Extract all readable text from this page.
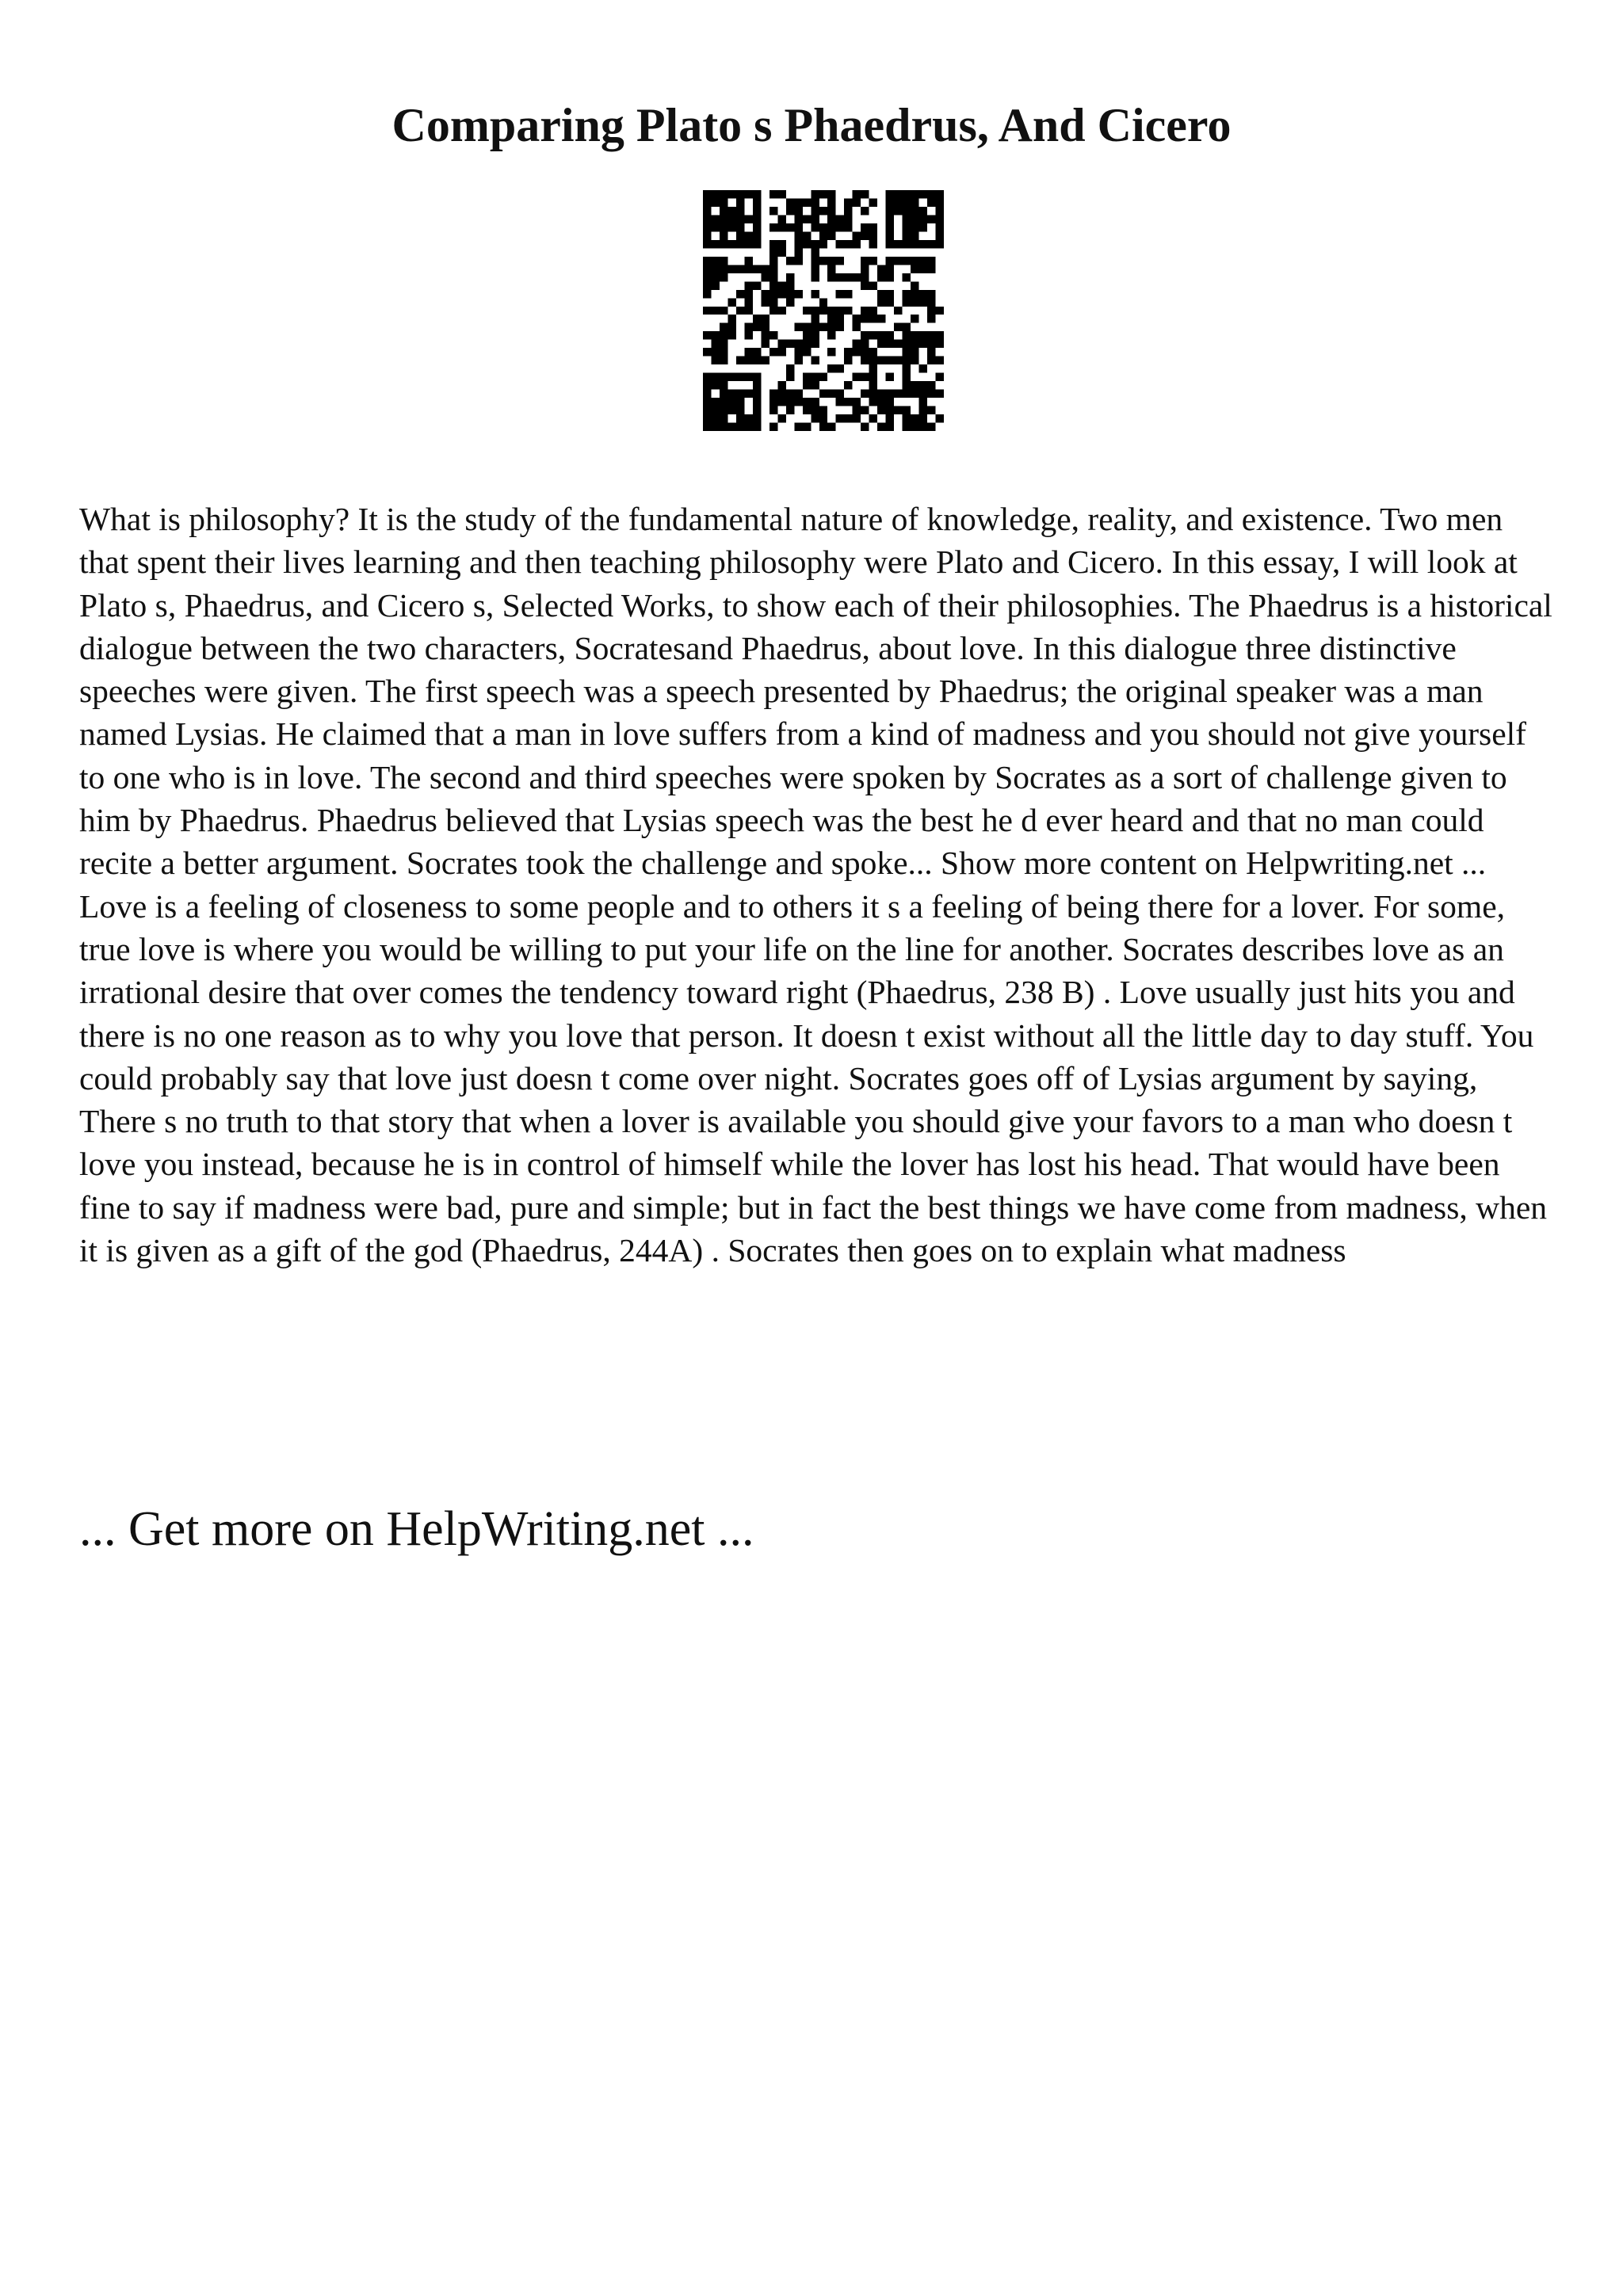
Comparing Plato s Phaedrus, And Cicero

What is philosophy? It is the study of the fundamental nature of knowledge, reality, and existence. Two men that spent their lives learning and then teaching philosophy were Plato and Cicero. In this essay, I will look at Plato s, Phaedrus, and Cicero s, Selected Works, to show each of their philosophies. The Phaedrus is a historical dialogue between the two characters, Socratesand Phaedrus, about love. In this dialogue three distinctive speeches were given. The first speech was a speech presented by Phaedrus; the original speaker was a man named Lysias. He claimed that a man in love suffers from a kind of madness and you should not give yourself to one who is in love. The second and third speeches were spoken by Socrates as a sort of challenge given to him by Phaedrus. Phaedrus believed that Lysias speech was the best he d ever heard and that no man could recite a better argument. Socrates took the challenge and spoke... Show more content on Helpwriting.net ...

Love is a feeling of closeness to some people and to others it s a feeling of being there for a lover. For some, true love is where you would be willing to put your life on the line for another. Socrates describes love as an irrational desire that over comes the tendency toward right (Phaedrus, 238 B) . Love usually just hits you and there is no one reason as to why you love that person. It doesn t exist without all the little day to day stuff. You could probably say that love just doesn t come over night. Socrates goes off of Lysias argument by saying, There s no truth to that story that when a lover is available you should give your favors to a man who doesn t love you instead, because he is in control of himself while the lover has lost his head. That would have been fine to say if madness were bad, pure and simple; but in fact the best things we have come from madness, when it is given as a gift of the god (Phaedrus, 244A) . Socrates then goes on to explain what madness

... Get more on HelpWriting.net ...
